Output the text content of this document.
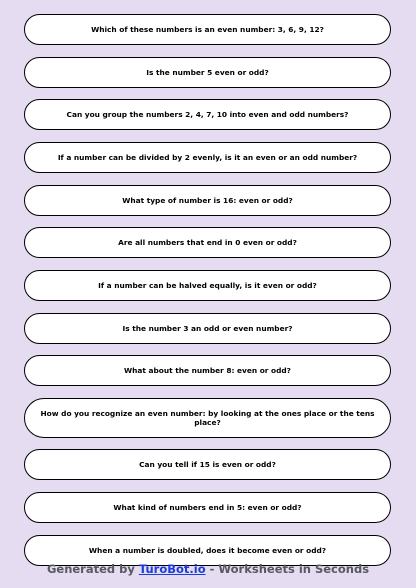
Which of these numbers is an even number: 3, 6, 9, 12?
Is the number 5 even or odd?
Can you group the numbers 2, 4, 7, 10 into even and odd numbers?
If a number can be divided by 2 evenly, is it an even or an odd number?
What type of number is 16: even or odd?
Are all numbers that end in 0 even or odd?
If a number can be halved equally, is it even or odd?
Is the number 3 an odd or even number?
What about the number 8: even or odd?
How do you recognize an even number: by looking at the ones place or the tens place?
Can you tell if 15 is even or odd?
What kind of numbers end in 5: even or odd?
When a number is doubled, does it become even or odd?
Generated by TuroBot.io - Worksheets in Seconds
